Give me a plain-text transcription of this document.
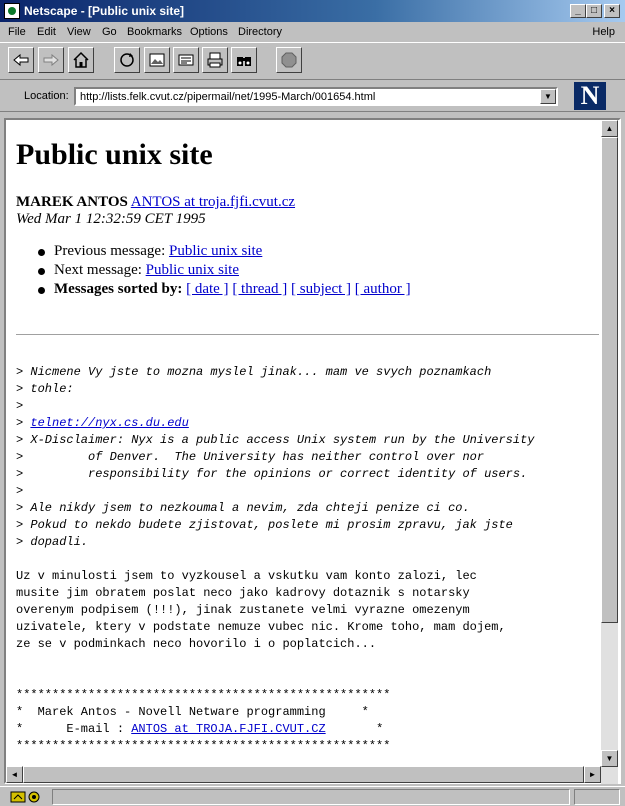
Netscape - [Public unix site]	_	□	×
File Edit View Go Bookmarks Options Directory	Help
Location:	http://lists.felk.cvut.cz/pipermail/net/1995-March/001654.html	▼ N
Public unix site
MAREK ANTOS ANTOS at troja.fjfi.cvut.cz
Wed Mar 1 12:32:59 CET 1995
Previous message: Public unix site
Next message: Public unix site
Messages sorted by: [ date ] [ thread ] [ subject ] [ author ]
> Nicmene Vy jste to mozna myslel jinak... mam ve svych poznamkach
> tohle:
>
> telnet://nyx.cs.du.edu
> X-Disclaimer: Nyx is a public access Unix system run by the University
>         of Denver.  The University has neither control over nor
>         responsibility for the opinions or correct identity of users.
>
> Ale nikdy jsem to nezkoumal a nevim, zda chteji penize ci co.
> Pokud to nekdo budete zjistovat, poslete mi prosim zpravu, jak jste
> dopadli.

Uz v minulosti jsem to vyzkousel a vskutku vam konto zalozi, lec
musite jim obratem poslat neco jako kadrovy dotaznik s notarsky
overenym podpisem (!!!), jinak zustanete velmi vyrazne omezenym
uzivatele, ktery v podstate nemuze vubec nic. Krome toho, mam dojem,
ze se v podminkach neco hovorilo i o poplatcich...

****************************************************
*  Marek Antos - Novell Netware programming     *
*      E-mail : ANTOS at TROJA.FJFI.CVUT.CZ       *
****************************************************
▲
▼
◄	►
